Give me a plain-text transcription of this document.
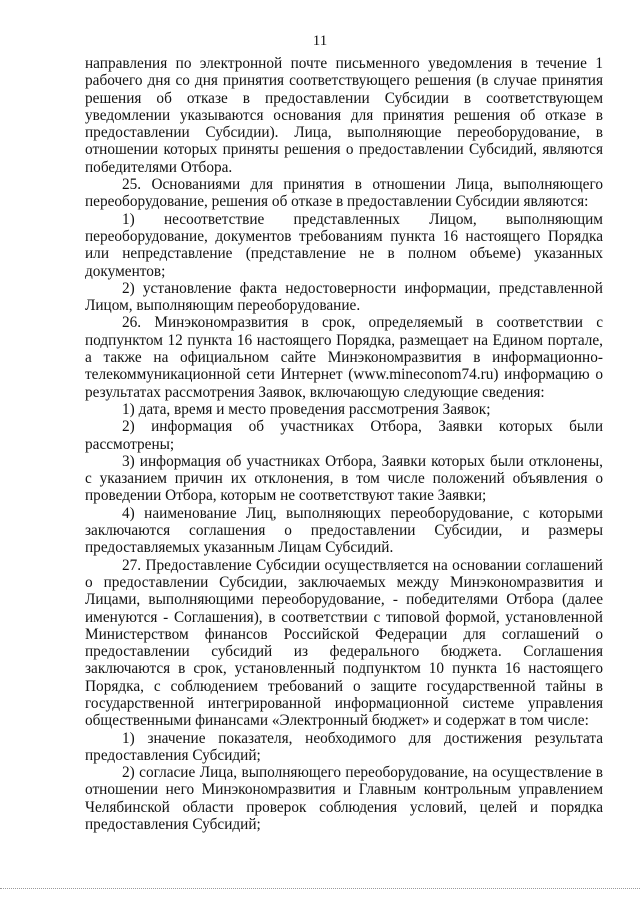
11

направления по электронной почте письменного уведомления в течение 1 рабочего дня со дня принятия соответствующего решения (в случае принятия решения об отказе в предоставлении Субсидии в соответствующем уведомлении указываются основания для принятия решения об отказе в предоставлении Субсидии). Лица, выполняющие переоборудование, в отношении которых приняты решения о предоставлении Субсидий, являются победителями Отбора.

25. Основаниями для принятия в отношении Лица, выполняющего переоборудование, решения об отказе в предоставлении Субсидии являются:

1) несоответствие представленных Лицом, выполняющим переоборудование, документов требованиям пункта 16 настоящего Порядка или непредставление (представление не в полном объеме) указанных документов;

2) установление факта недостоверности информации, представленной Лицом, выполняющим переоборудование.

26. Минэкономразвития в срок, определяемый в соответствии с подпунктом 12 пункта 16 настоящего Порядка, размещает на Едином портале, а также на официальном сайте Минэкономразвития в информационно-телекоммуникационной сети Интернет (www.mineconom74.ru) информацию о результатах рассмотрения Заявок, включающую следующие сведения:

1) дата, время и место проведения рассмотрения Заявок;

2) информация об участниках Отбора, Заявки которых были рассмотрены;

3) информация об участниках Отбора, Заявки которых были отклонены, с указанием причин их отклонения, в том числе положений объявления о проведении Отбора, которым не соответствуют такие Заявки;

4) наименование Лиц, выполняющих переоборудование, с которыми заключаются соглашения о предоставлении Субсидии, и размеры предоставляемых указанным Лицам Субсидий.

27. Предоставление Субсидии осуществляется на основании соглашений о предоставлении Субсидии, заключаемых между Минэкономразвития и Лицами, выполняющими переоборудование, - победителями Отбора (далее именуются - Соглашения), в соответствии с типовой формой, установленной Министерством финансов Российской Федерации для соглашений о предоставлении субсидий из федерального бюджета. Соглашения заключаются в срок, установленный подпунктом 10 пункта 16 настоящего Порядка, с соблюдением требований о защите государственной тайны в государственной интегрированной информационной системе управления общественными финансами «Электронный бюджет» и содержат в том числе:

1) значение показателя, необходимого для достижения результата предоставления Субсидий;

2) согласие Лица, выполняющего переоборудование, на осуществление в отношении него Минэкономразвития и Главным контрольным управлением Челябинской области проверок соблюдения условий, целей и порядка предоставления Субсидий;
